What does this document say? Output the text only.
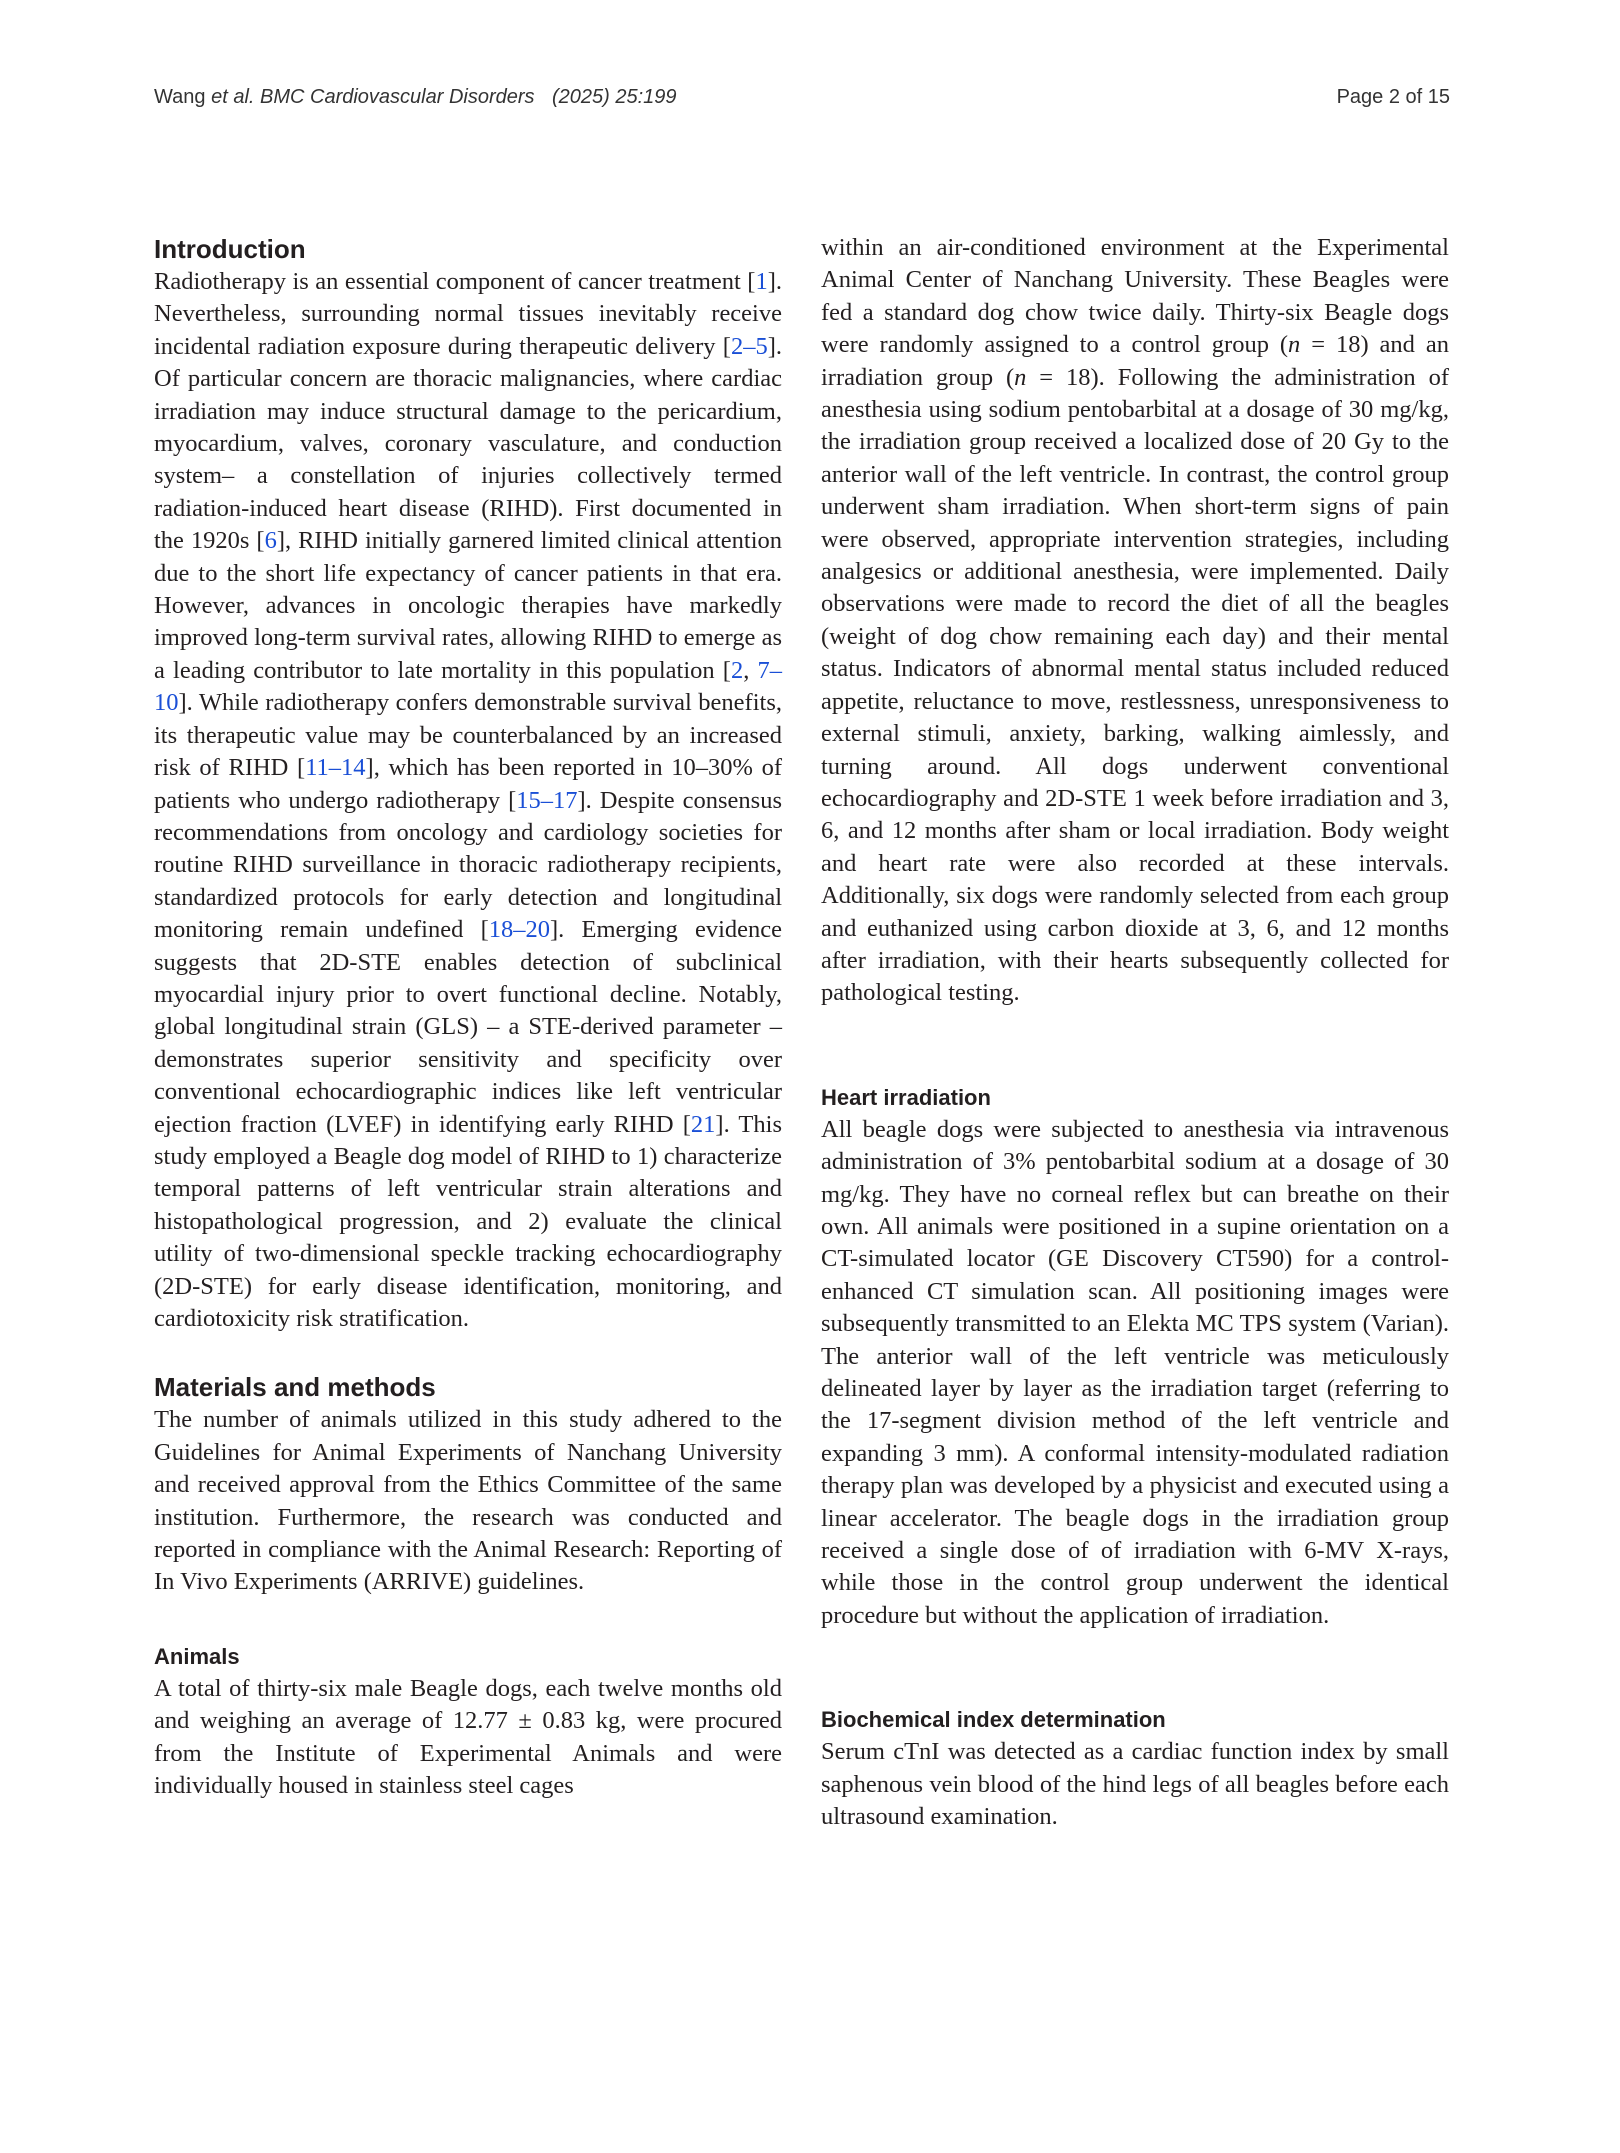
Wang et al. BMC Cardiovascular Disorders (2025) 25:199	Page 2 of 15
Introduction

Radiotherapy is an essential component of cancer treatment [1]. Nevertheless, surrounding normal tissues inevitably receive incidental radiation exposure during therapeutic delivery [2–5]. Of particular concern are thoracic malignancies, where cardiac irradiation may induce structural damage to the pericardium, myocardium, valves, coronary vasculature, and conduction system– a constellation of injuries collectively termed radiation-induced heart disease (RIHD). First documented in the 1920s [6], RIHD initially garnered limited clinical attention due to the short life expectancy of cancer patients in that era. However, advances in oncologic therapies have markedly improved long-term survival rates, allowing RIHD to emerge as a leading contributor to late mortality in this population [2, 7–10]. While radiotherapy confers demonstrable survival benefits, its therapeutic value may be counterbalanced by an increased risk of RIHD [11–14], which has been reported in 10–30% of patients who undergo radiotherapy [15–17]. Despite consensus recommendations from oncology and cardiology societies for routine RIHD surveillance in thoracic radiotherapy recipients, standardized protocols for early detection and longitudinal monitoring remain undefined [18–20]. Emerging evidence suggests that 2D-STE enables detection of subclinical myocardial injury prior to overt functional decline. Notably, global longitudinal strain (GLS) – a STE-derived parameter – demonstrates superior sensitivity and specificity over conventional echocardiographic indices like left ventricular ejection fraction (LVEF) in identifying early RIHD [21]. This study employed a Beagle dog model of RIHD to 1) characterize temporal patterns of left ventricular strain alterations and histopathological progression, and 2) evaluate the clinical utility of two-dimensional speckle tracking echocardiography (2D-STE) for early disease identification, monitoring, and cardiotoxicity risk stratification.

Materials and methods

The number of animals utilized in this study adhered to the Guidelines for Animal Experiments of Nanchang University and received approval from the Ethics Committee of the same institution. Furthermore, the research was conducted and reported in compliance with the Animal Research: Reporting of In Vivo Experiments (ARRIVE) guidelines.

Animals

A total of thirty-six male Beagle dogs, each twelve months old and weighing an average of 12.77 ± 0.83 kg, were procured from the Institute of Experimental Animals and were individually housed in stainless steel cages

within an air-conditioned environment at the Experimental Animal Center of Nanchang University. These Beagles were fed a standard dog chow twice daily. Thirty-six Beagle dogs were randomly assigned to a control group (n = 18) and an irradiation group (n = 18). Following the administration of anesthesia using sodium pentobarbital at a dosage of 30 mg/kg, the irradiation group received a localized dose of 20 Gy to the anterior wall of the left ventricle. In contrast, the control group underwent sham irradiation. When short-term signs of pain were observed, appropriate intervention strategies, including analgesics or additional anesthesia, were implemented. Daily observations were made to record the diet of all the beagles (weight of dog chow remaining each day) and their mental status. Indicators of abnormal mental status included reduced appetite, reluctance to move, restlessness, unresponsiveness to external stimuli, anxiety, barking, walking aimlessly, and turning around. All dogs underwent conventional echocardiography and 2D-STE 1 week before irradiation and 3, 6, and 12 months after sham or local irradiation. Body weight and heart rate were also recorded at these intervals. Additionally, six dogs were randomly selected from each group and euthanized using carbon dioxide at 3, 6, and 12 months after irradiation, with their hearts subsequently collected for pathological testing.

Heart irradiation

All beagle dogs were subjected to anesthesia via intravenous administration of 3% pentobarbital sodium at a dosage of 30 mg/kg. They have no corneal reflex but can breathe on their own. All animals were positioned in a supine orientation on a CT-simulated locator (GE Discovery CT590) for a control-enhanced CT simulation scan. All positioning images were subsequently transmitted to an Elekta MC TPS system (Varian). The anterior wall of the left ventricle was meticulously delineated layer by layer as the irradiation target (referring to the 17-segment division method of the left ventricle and expanding 3 mm). A conformal intensity-modulated radiation therapy plan was developed by a physicist and executed using a linear accelerator. The beagle dogs in the irradiation group received a single dose of of irradiation with 6-MV X-rays, while those in the control group underwent the identical procedure but without the application of irradiation.

Biochemical index determination

Serum cTnI was detected as a cardiac function index by small saphenous vein blood of the hind legs of all beagles before each ultrasound examination.
